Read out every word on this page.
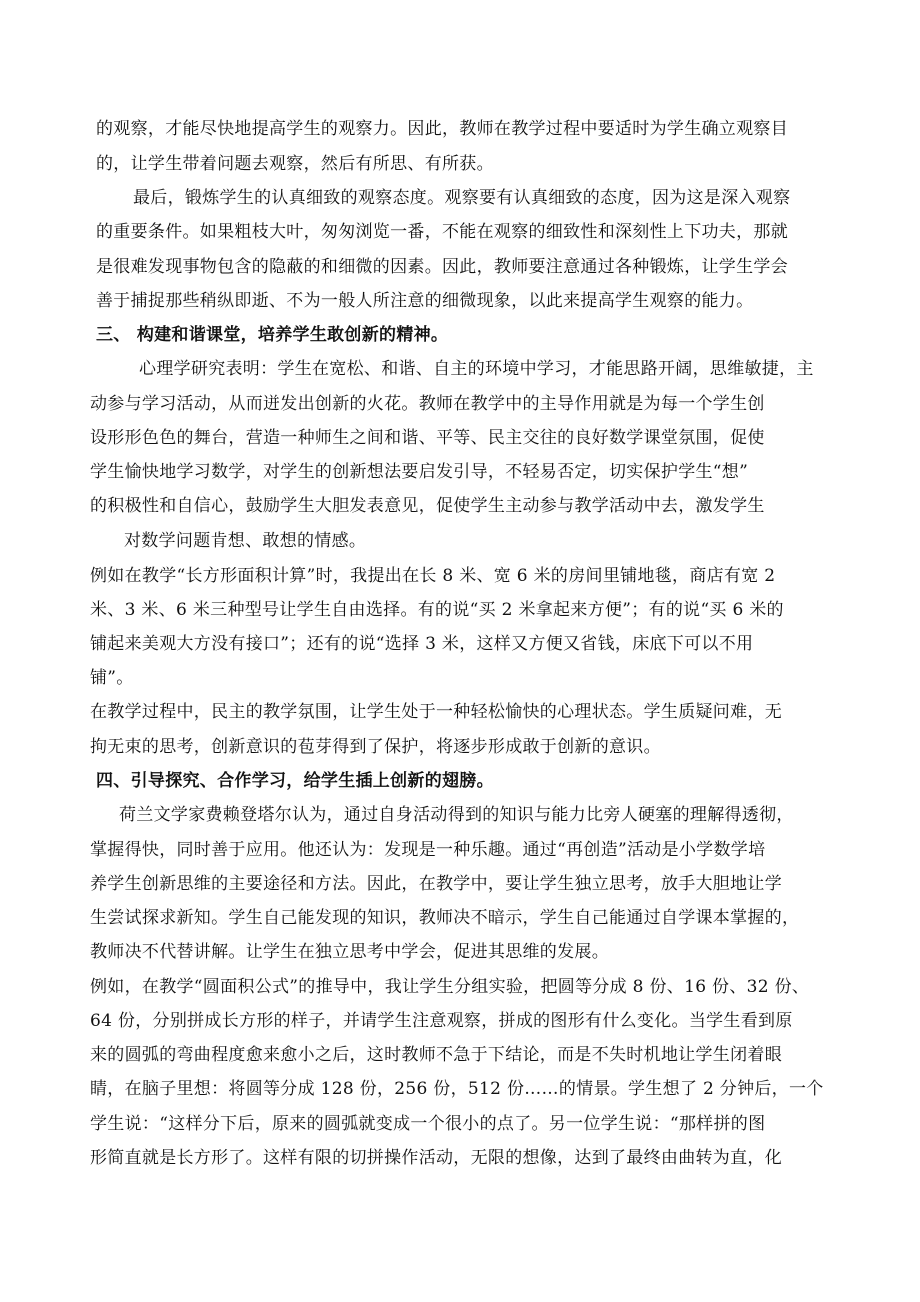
的观察，才能尽快地提高学生的观察力。因此，教师在教学过程中要适时为学生确立观察目
的，让学生带着问题去观察，然后有所思、有所获。
最后，锻炼学生的认真细致的观察态度。观察要有认真细致的态度，因为这是深入观察
的重要条件。如果粗枝大叶，匆匆浏览一番，不能在观察的细致性和深刻性上下功夫，那就
是很难发现事物包含的隐蔽的和细微的因素。因此，教师要注意通过各种锻炼，让学生学会
善于捕捉那些稍纵即逝、不为一般人所注意的细微现象，以此来提高学生观察的能力。
三、 构建和谐课堂，培养学生敢创新的精神。
心理学研究表明：学生在宽松、和谐、自主的环境中学习，才能思路开阔，思维敏捷，主
动参与学习活动，从而迸发出创新的火花。教师在教学中的主导作用就是为每一个学生创
设形形色色的舞台，营造一种师生之间和谐、平等、民主交往的良好数学课堂氛围，促使
学生愉快地学习数学，对学生的创新想法要启发引导，不轻易否定，切实保护学生“想”
的积极性和自信心，鼓励学生大胆发表意见，促使学生主动参与教学活动中去，激发学生
对数学问题肯想、敢想的情感。
例如在教学“长方形面积计算”时，我提出在长 8 米、宽 6 米的房间里铺地毯，商店有宽 2
米、3 米、6 米三种型号让学生自由选择。有的说“买 2 米拿起来方便”；有的说“买 6 米的
铺起来美观大方没有接口”；还有的说“选择 3 米，这样又方便又省钱，床底下可以不用
铺”。
在教学过程中，民主的教学氛围，让学生处于一种轻松愉快的心理状态。学生质疑问难，无
拘无束的思考，创新意识的苞芽得到了保护，将逐步形成敢于创新的意识。
四、引导探究、合作学习，给学生插上创新的翅膀。
荷兰文学家费赖登塔尔认为，通过自身活动得到的知识与能力比旁人硬塞的理解得透彻，
掌握得快，同时善于应用。他还认为：发现是一种乐趣。通过“再创造”活动是小学数学培
养学生创新思维的主要途径和方法。因此，在教学中，要让学生独立思考，放手大胆地让学
生尝试探求新知。学生自己能发现的知识，教师决不暗示，学生自己能通过自学课本掌握的，
教师决不代替讲解。让学生在独立思考中学会，促进其思维的发展。
例如，在教学“圆面积公式”的推导中，我让学生分组实验，把圆等分成 8 份、16 份、32 份、
64 份，分别拼成长方形的样子，并请学生注意观察，拼成的图形有什么变化。当学生看到原
来的圆弧的弯曲程度愈来愈小之后，这时教师不急于下结论，而是不失时机地让学生闭着眼
睛，在脑子里想：将圆等分成 128 份，256 份，512 份……的情景。学生想了 2 分钟后，一个
学生说：“这样分下后，原来的圆弧就变成一个很小的点了。另一位学生说：“那样拼的图
形简直就是长方形了。这样有限的切拼操作活动，无限的想像，达到了最终由曲转为直，化
